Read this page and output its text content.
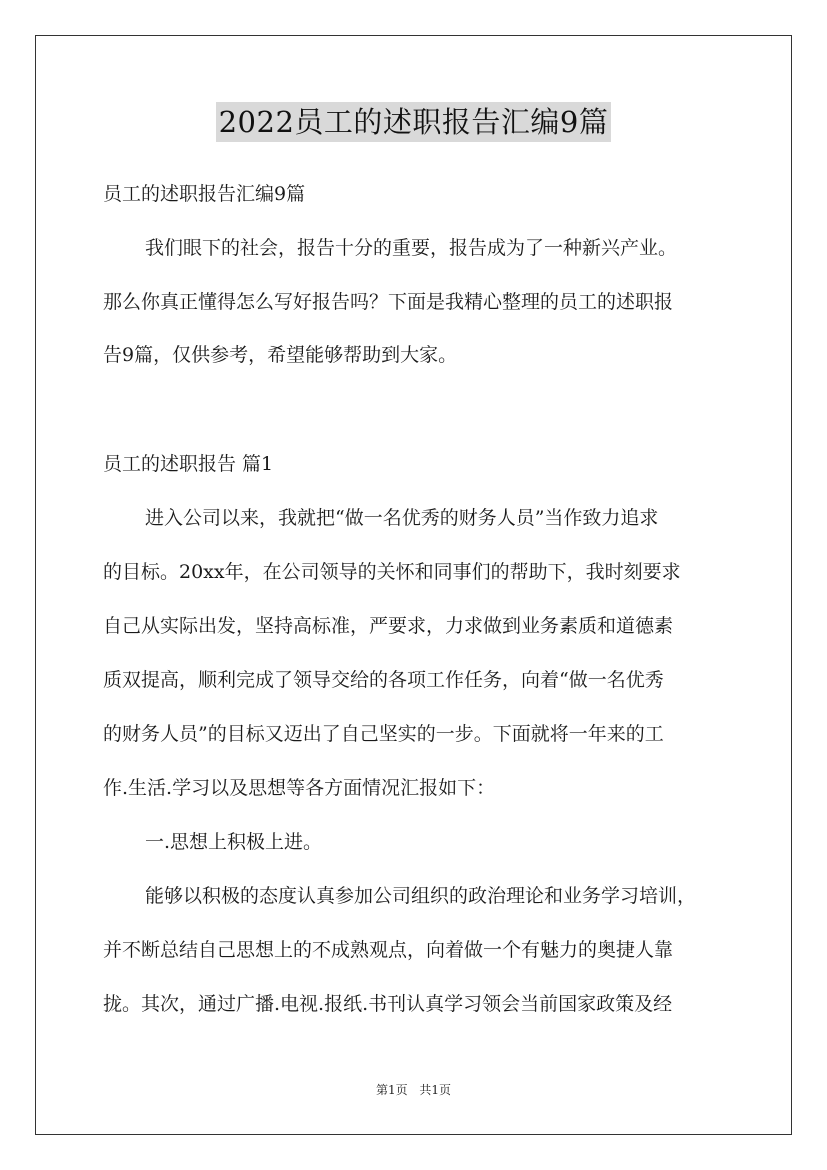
2022员工的述职报告汇编9篇
员工的述职报告汇编9篇
我们眼下的社会，报告十分的重要，报告成为了一种新兴产业。
那么你真正懂得怎么写好报告吗？下面是我精心整理的员工的述职报
告9篇，仅供参考，希望能够帮助到大家。
员工的述职报告 篇1
进入公司以来，我就把“做一名优秀的财务人员”当作致力追求
的目标。20xx年，在公司领导的关怀和同事们的帮助下，我时刻要求
自己从实际出发，坚持高标准，严要求，力求做到业务素质和道德素
质双提高，顺利完成了领导交给的各项工作任务，向着“做一名优秀
的财务人员”的目标又迈出了自己坚实的一步。下面就将一年来的工
作.生活.学习以及思想等各方面情况汇报如下：
一.思想上积极上进。
能够以积极的态度认真参加公司组织的政治理论和业务学习培训，
并不断总结自己思想上的不成熟观点，向着做一个有魅力的奥捷人靠
拢。其次，通过广播.电视.报纸.书刊认真学习领会当前国家政策及经
第1页 共1页
